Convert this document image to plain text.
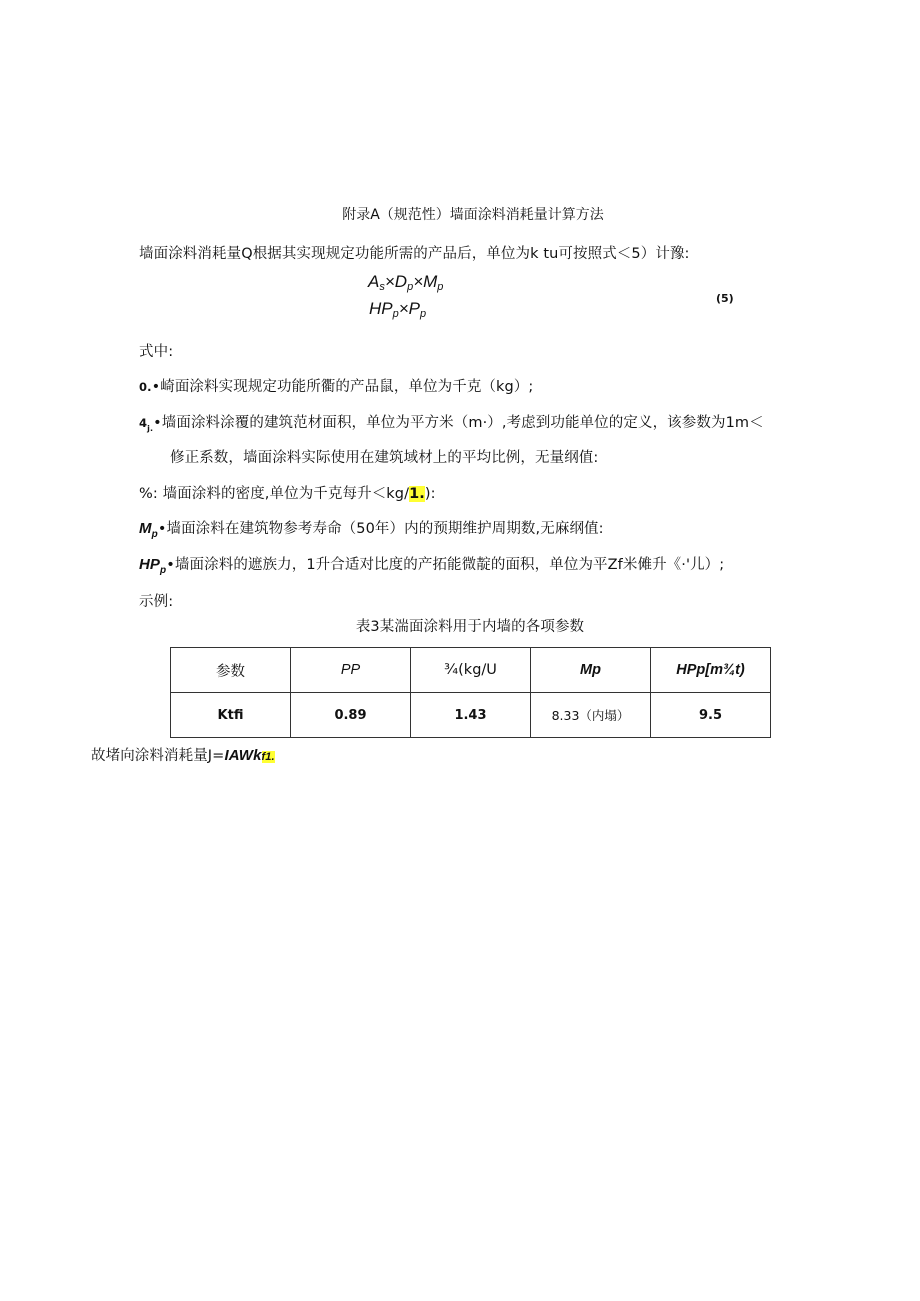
附录A（规范性）墙面涂料消耗量计算方法
墙面涂料消耗量Q根据其实现规定功能所需的产品后，单位为k tu可按照式＜5）计豫:
$A_s\times D_p\times M_p$
$HP_p\times P_p$
(5)
式中:
0.•崎面涂料实现规定功能所衢的产品鼠，单位为千克（kg）;
$4_{j.}•$墙面涂料涂覆的建筑范材面积，单位为平方米（m·）,考虑到功能单位的定义，该参数为1m＜
修正系数，墙面涂料实际使用在建筑域材上的平均比例，无量纲值:
%: 墙面涂料的密度,单位为千克每升＜kg/1.):
$M_p•$墙面涂料在建筑物参考寿命（50年）内的预期维护周期数,无麻纲值:
$HP_p•$墙面涂料的遮族力，1升合适对比度的产拓能微靛的面积，单位为平Zf米傩升《·'儿）;
示例:
表3某湍面涂料用于内墙的各项参数
参数	PP	¾(kg∕U	Mp	HPp[m¾t)
Ktfi	0.89	1.43	8.33（内塌）	9.5
故堵向涂料消耗量J=IAWkf1.
